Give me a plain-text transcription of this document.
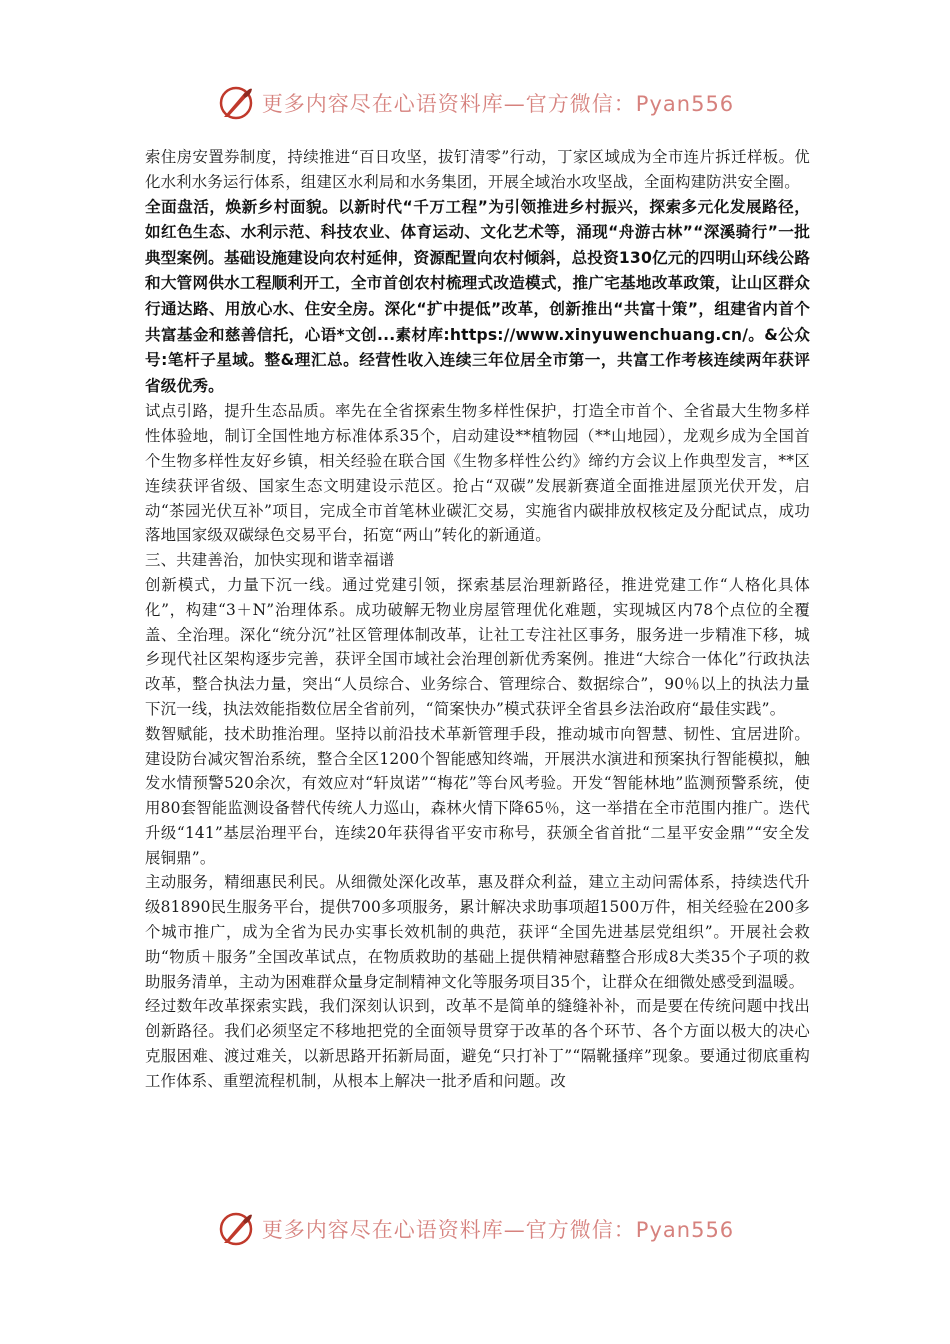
更多内容尽在心语资料库—官方微信：Pyan556

索住房安置券制度，持续推进“百日攻坚，拔钉清零”行动，丁家区域成为全市连片拆迁样板。优化水利水务运行体系，组建区水利局和水务集团，开展全域治水攻坚战，全面构建防洪安全圈。

全面盘活，焕新乡村面貌。以新时代“千万工程”为引领推进乡村振兴，探索多元化发展路径，如红色生态、水利示范、科技农业、体育运动、文化艺术等，涌现“舟游古林”“深溪骑行”一批典型案例。基础设施建设向农村延伸，资源配置向农村倾斜，总投资130亿元的四明山环线公路和大管网供水工程顺利开工，全市首创农村梳理式改造模式，推广宅基地改革政策，让山区群众行通达路、用放心水、住安全房。深化“扩中提低”改革，创新推出“共富十策”，组建省内首个共富基金和慈善信托，心语*文创...素材库:https://www.xinyuwenchuang.cn/。&公众号:笔杆子星域。整&理汇总。经营性收入连续三年位居全市第一，共富工作考核连续两年获评省级优秀。

试点引路，提升生态品质。率先在全省探索生物多样性保护，打造全市首个、全省最大生物多样性体验地，制订全国性地方标准体系35个，启动建设**植物园（**山地园），龙观乡成为全国首个生物多样性友好乡镇，相关经验在联合国《生物多样性公约》缔约方会议上作典型发言，**区连续获评省级、国家生态文明建设示范区。抢占“双碳”发展新赛道全面推进屋顶光伏开发，启动“茶园光伏互补”项目，完成全市首笔林业碳汇交易，实施省内碳排放权核定及分配试点，成功落地国家级双碳绿色交易平台，拓宽“两山”转化的新通道。

三、共建善治，加快实现和谐幸福谱

创新模式，力量下沉一线。通过党建引领，探索基层治理新路径，推进党建工作“人格化具体化”，构建“3＋N”治理体系。成功破解无物业房屋管理优化难题，实现城区内78个点位的全覆盖、全治理。深化“统分沉”社区管理体制改革，让社工专注社区事务，服务进一步精准下移，城乡现代社区架构逐步完善，获评全国市域社会治理创新优秀案例。推进“大综合一体化”行政执法改革，整合执法力量，突出“人员综合、业务综合、管理综合、数据综合”，90％以上的执法力量下沉一线，执法效能指数位居全省前列，“简案快办”模式获评全省县乡法治政府“最佳实践”。

数智赋能，技术助推治理。坚持以前沿技术革新管理手段，推动城市向智慧、韧性、宜居进阶。建设防台减灾智治系统，整合全区1200个智能感知终端，开展洪水演进和预案执行智能模拟，触发水情预警520余次，有效应对“轩岚诺”“梅花”等台风考验。开发“智能林地”监测预警系统，使用80套智能监测设备替代传统人力巡山，森林火情下降65％，这一举措在全市范围内推广。迭代升级“141”基层治理平台，连续20年获得省平安市称号，获颁全省首批“二星平安金鼎”“安全发展铜鼎”。

主动服务，精细惠民利民。从细微处深化改革，惠及群众利益，建立主动问需体系，持续迭代升级81890民生服务平台，提供700多项服务，累计解决求助事项超1500万件，相关经验在200多个城市推广，成为全省为民办实事长效机制的典范，获评“全国先进基层党组织”。开展社会救助“物质＋服务”全国改革试点，在物质救助的基础上提供精神慰藉整合形成8大类35个子项的救助服务清单，主动为困难群众量身定制精神文化等服务项目35个，让群众在细微处感受到温暖。

经过数年改革探索实践，我们深刻认识到，改革不是简单的缝缝补补，而是要在传统问题中找出创新路径。我们必须坚定不移地把党的全面领导贯穿于改革的各个环节、各个方面以极大的决心克服困难、渡过难关，以新思路开拓新局面，避免“只打补丁”“隔靴搔痒”现象。要通过彻底重构工作体系、重塑流程机制，从根本上解决一批矛盾和问题。改

更多内容尽在心语资料库—官方微信：Pyan556
